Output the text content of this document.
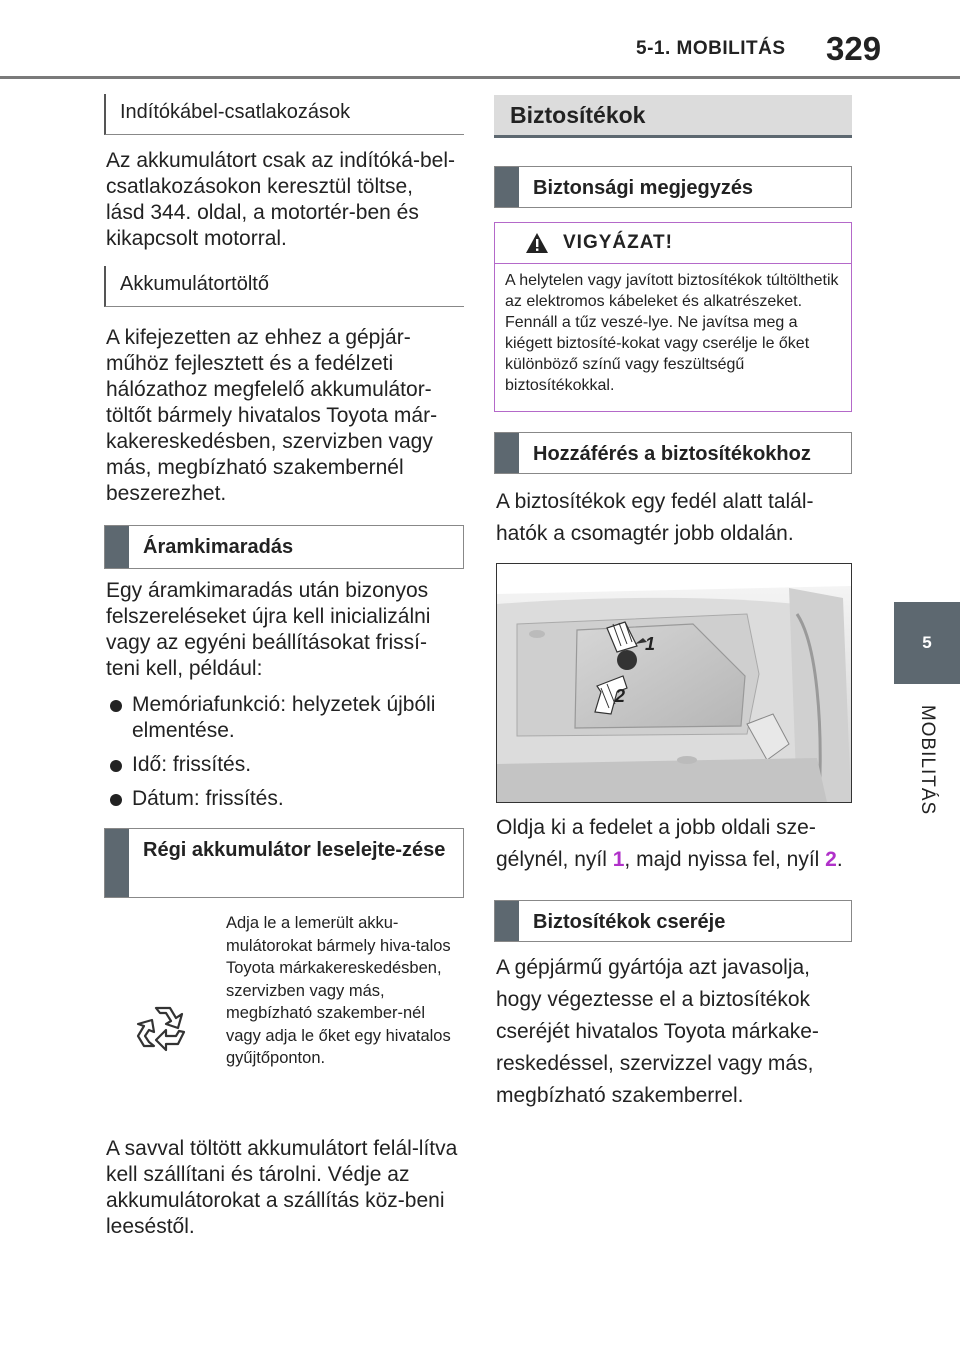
5-1. MOBILITÁS 329
5
MOBILITÁS
Indítókábel-csatlakozások
Az akkumulátort csak az indítóká-bel-csatlakozásokon keresztül töltse, lásd 344. oldal, a motortér-ben és kikapcsolt motorral.
Akkumulátortöltő
A kifejezetten az ehhez a gépjár-műhöz fejlesztett és a fedélzeti hálózathoz megfelelő akkumulátor-töltőt bármely hivatalos Toyota már-kakereskedésben, szervizben vagy más, megbízható szakembernél beszerezhet.
Áramkimaradás
Egy áramkimaradás után bizonyos felszereléseket újra kell inicializálni vagy az egyéni beállításokat frissí-teni kell, például:
Memóriafunkció: helyzetek újbóli elmentése.
Idő: frissítés.
Dátum: frissítés.
Régi akkumulátor leselejte-zése
Adja le a lemerült akku-mulátorokat bármely hiva-talos Toyota márkakereskedésben, szervizben vagy más, megbízható szakember-nél vagy adja le őket egy hivatalos gyűjtőponton.
A savval töltött akkumulátort felál-lítva kell szállítani és tárolni. Védje az akkumulátorokat a szállítás köz-beni leeséstől.
Biztosítékok
Biztonsági megjegyzés
VIGYÁZAT!
A helytelen vagy javított biztosítékok túltölthetik az elektromos kábeleket és alkatrészeket. Fennáll a tűz veszé-lye. Ne javítsa meg a kiégett biztosíté-kokat vagy cserélje le őket különböző színű vagy feszültségű biztosítékokkal.
Hozzáférés a biztosítékokhoz
A biztosítékok egy fedél alatt talál-hatók a csomagtér jobb oldalán.
1
2
Oldja ki a fedelet a jobb oldali sze-gélynél, nyíl 1, majd nyissa fel, nyíl 2.
Biztosítékok cseréje
A gépjármű gyártója azt javasolja, hogy végeztesse el a biztosítékok cseréjét hivatalos Toyota márkake-reskedéssel, szervizzel vagy más, megbízható szakemberrel.
